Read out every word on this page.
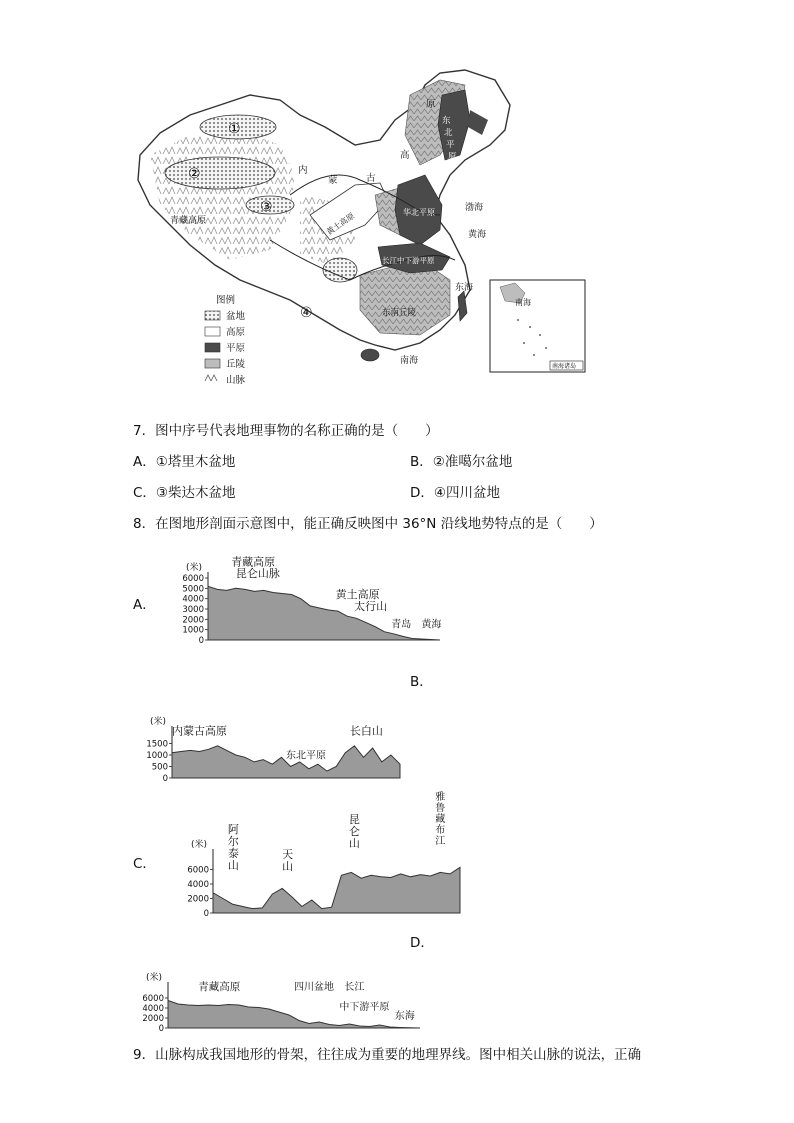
原
高
内
蒙	古
青藏高原	黄土高原
东
北
平
原
华北平原
长江中下游平原
东南丘陵
渤海
黄海
东海
南海
①
②
③
④
图例
盆地
高原
平原
丘陵
山脉
南海
南海诸岛
7．图中序号代表地理事物的名称正确的是（　　）
A．①塔里木盆地	B．②准噶尔盆地
C．③柴达木盆地	D．④四川盆地
8．在图地形剖面示意图中，能正确反映图中 36°N 沿线地势特点的是（　　）
A．
B．
C．
D．
(米)
6000
5000
4000
3000
2000
1000
0
青藏高原
昆仑山脉
黄土高原
太行山
青岛 黄海
(米)
1500
1000
500
0
内蒙古高原
东北平原
长白山
(米)
6000
4000
2000
0
阿尔泰山
天山
昆仑山
雅鲁藏布江
(米)
6000
4000
2000
0
青藏高原	四川盆地 长江
中下游平原
东海
9．山脉构成我国地形的骨架，往往成为重要的地理界线。图中相关山脉的说法，正确
